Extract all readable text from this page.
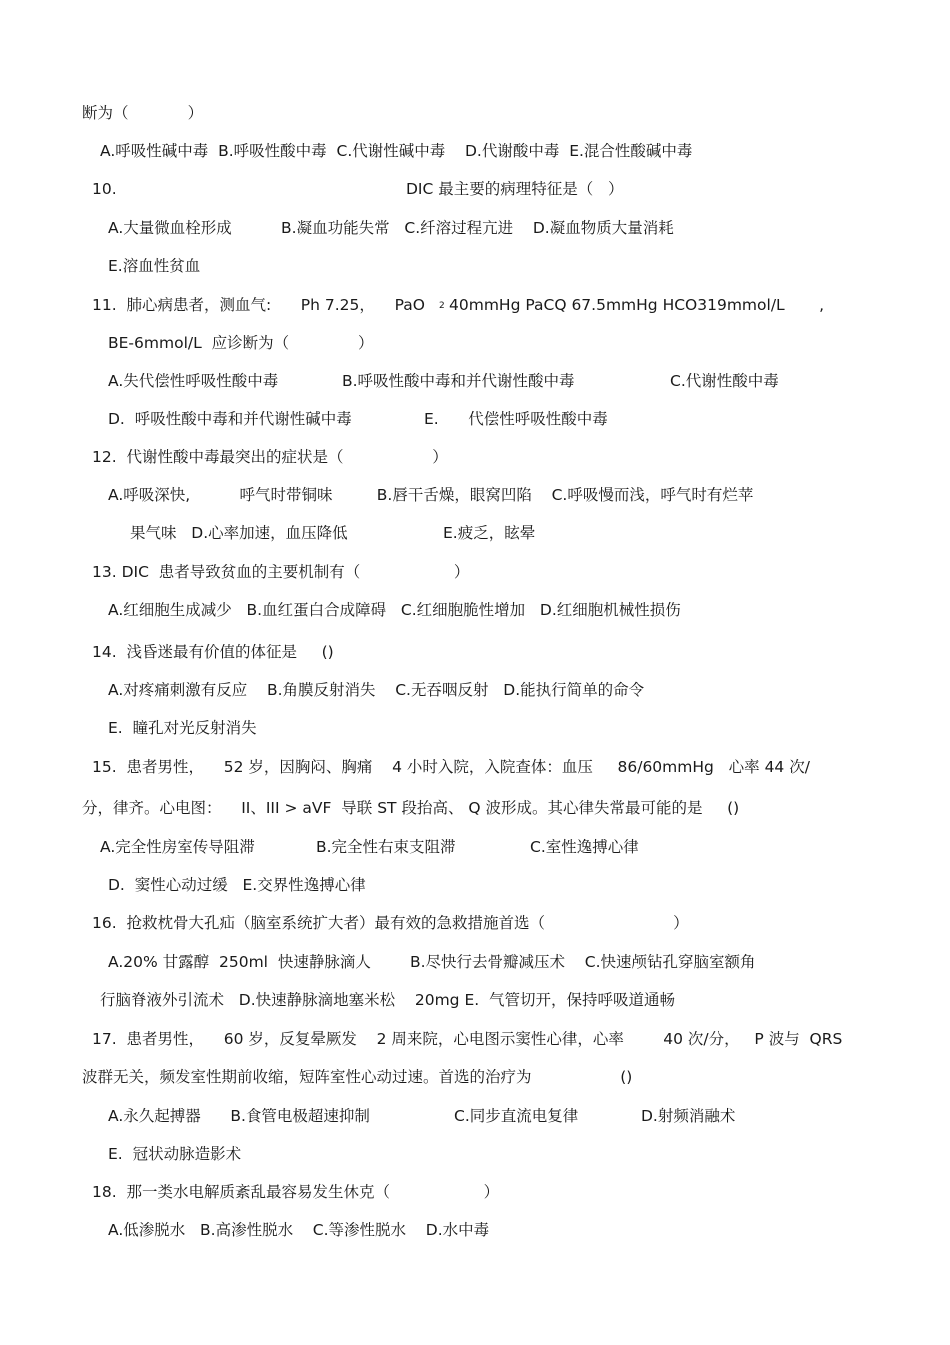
断为（            ）
A.呼吸性碱中毒  B.呼吸性酸中毒  C.代谢性碱中毒    D.代谢酸中毒  E.混合性酸碱中毒
10.	DIC 最主要的病理特征是（   ）
A.大量微血栓形成          B.凝血功能失常   C.纤溶过程亢进    D.凝血物质大量消耗
E.溶血性贫血
11.  肺心病患者，测血气:      Ph 7.25，    PaO 2 40mmHg PaCQ 67.5mmHg HCO319mmol/L       ,
BE-6mmol/L  应诊断为（              ）
A.失代偿性呼吸性酸中毒	B.呼吸性酸中毒和并代谢性酸中毒	C.代谢性酸中毒
D.  呼吸性酸中毒和并代谢性碱中毒	E.      代偿性呼吸性酸中毒
12.  代谢性酸中毒最突出的症状是（                  ）
A.呼吸深快,          呼气时带铜味         B.唇干舌燥，眼窝凹陷    C.呼吸慢而浅，呼气时有烂苹
果气味   D.心率加速，血压降低	E.疲乏，眩晕
13. DIC  患者导致贫血的主要机制有（                   ）
A.红细胞生成减少   B.血红蛋白合成障碍   C.红细胞脆性增加   D.红细胞机械性损伤
14.  浅昏迷最有价值的体征是     ()
A.对疼痛刺激有反应    B.角膜反射消失    C.无吞咽反射   D.能执行简单的命令
E.  瞳孔对光反射消失
15.  患者男性，    52 岁，因胸闷、胸痛    4 小时入院，入院查体：血压     86/60mmHg   心率 44 次/
分，律齐。心电图：    II、III > aVF  导联 ST 段抬高、 Q 波形成。其心律失常最可能的是     ()
A.完全性房室传导阻滞	B.完全性右束支阻滞	C.室性逸搏心律
D.  窦性心动过缓   E.交界性逸搏心律
16.  抢救枕骨大孔疝（脑室系统扩大者）最有效的急救措施首选（                          ）
A.20% 甘露醇  250ml  快速静脉滴人	B.尽快行去骨瓣减压术    C.快速颅钻孔穿脑室额角
行脑脊液外引流术   D.快速静脉滴地塞米松    20mg E.  气管切开，保持呼吸道通畅
17.  患者男性，    60 岁，反复晕厥发    2 周来院，心电图示窦性心律，心率        40 次/分，   P 波与  QRS
波群无关，频发室性期前收缩，短阵室性心动过速。首选的治疗为                  ()
A.永久起搏器      B.食管电极超速抑制	C.同步直流电复律	D.射频消融术
E.  冠状动脉造影术
18.  那一类水电解质紊乱最容易发生休克（                   ）
A.低渗脱水   B.高渗性脱水    C.等渗性脱水    D.水中毒
